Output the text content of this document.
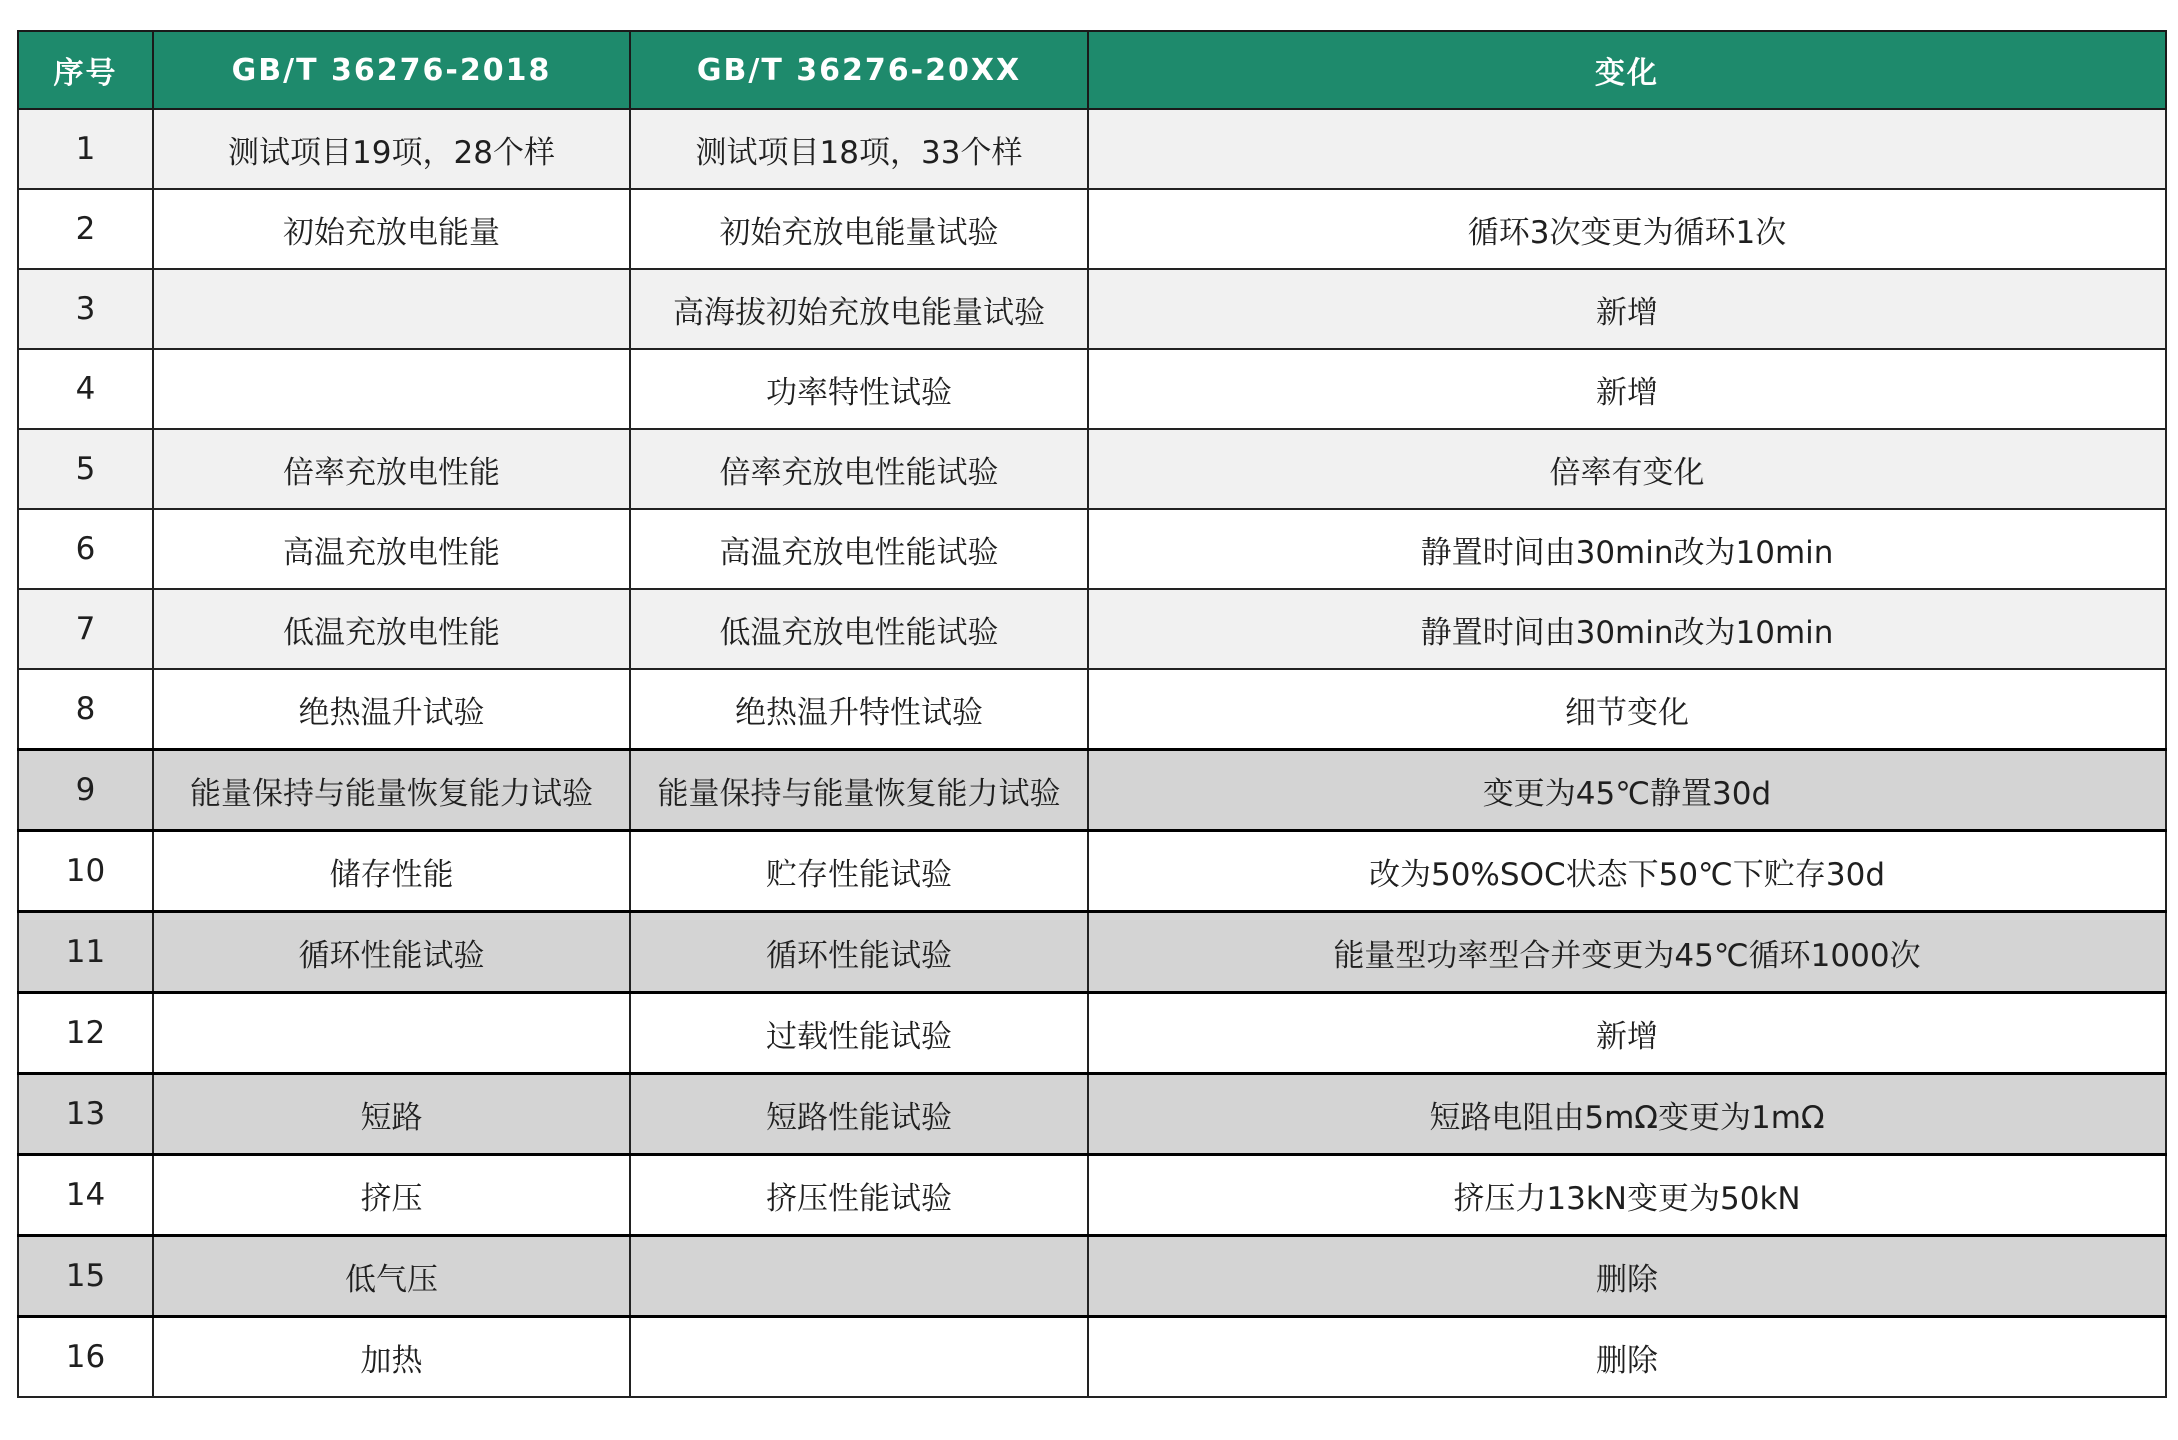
序号	GB/T 36276-2018	GB/T 36276-20XX	变化
1	测试项目19项，28个样	测试项目18项，33个样	
2	初始充放电能量	初始充放电能量试验	循环3次变更为循环1次
3		高海拔初始充放电能量试验	新增
4		功率特性试验	新增
5	倍率充放电性能	倍率充放电性能试验	倍率有变化
6	高温充放电性能	高温充放电性能试验	静置时间由30min改为10min
7	低温充放电性能	低温充放电性能试验	静置时间由30min改为10min
8	绝热温升试验	绝热温升特性试验	细节变化
9	能量保持与能量恢复能力试验	能量保持与能量恢复能力试验	变更为45℃静置30d
10	储存性能	贮存性能试验	改为50%SOC状态下50℃下贮存30d
11	循环性能试验	循环性能试验	能量型功率型合并变更为45℃循环1000次
12		过载性能试验	新增
13	短路	短路性能试验	短路电阻由5mΩ变更为1mΩ
14	挤压	挤压性能试验	挤压力13kN变更为50kN
15	低气压		删除
16	加热		删除
